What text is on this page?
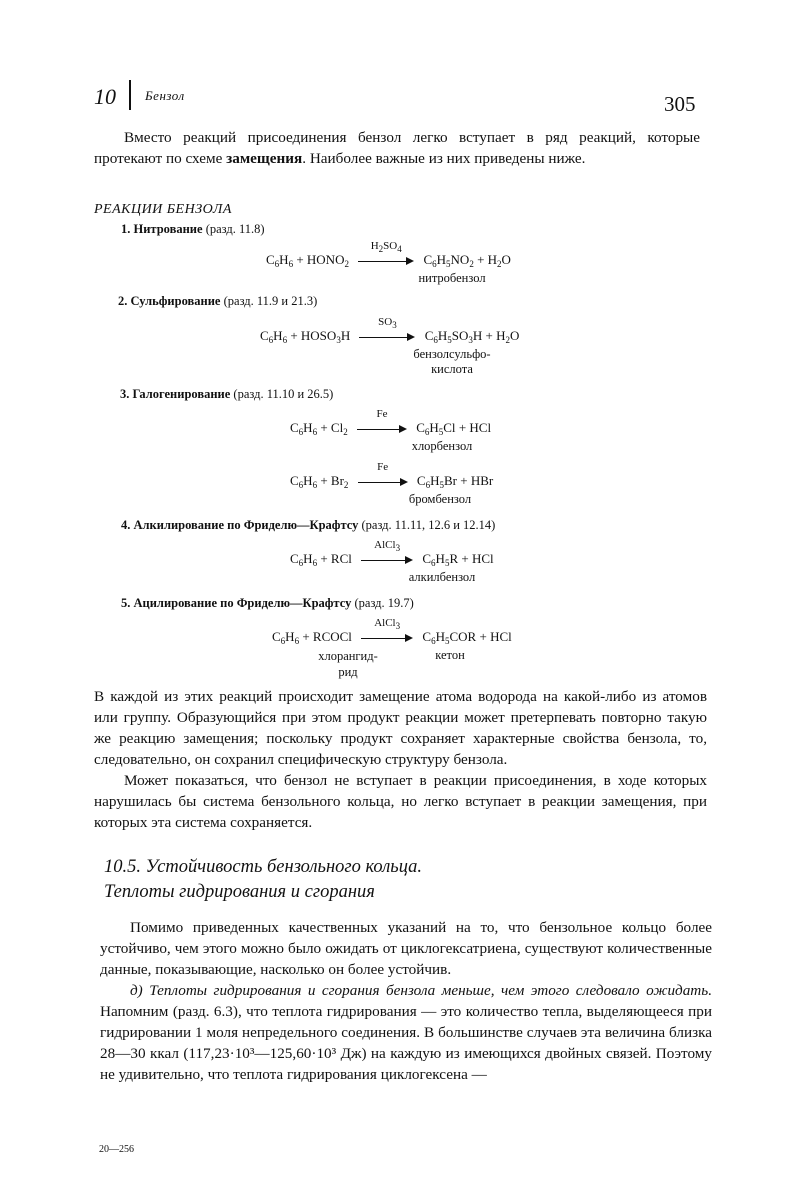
10 Бензол	305
Вместо реакций присоединения бензол легко вступает в ряд реакций, которые протекают по схеме замещения. Наиболее важные из них приведены ниже.
РЕАКЦИИ БЕНЗОЛА
1. Нитрование (разд. 11.8)
$C_6H_6$ + $HONO_2$
$H_2SO_4$
$C_6H_5NO_2 + H_2O$
нитробензол
2. Сульфирование (разд. 11.9 и 21.3)
$C_6H_6$ + $HOSO_3H$
$SO_3$
$C_6H_5SO_3H + H_2O$
бензолсульфо-
кислота
3. Галогенирование (разд. 11.10 и 26.5)
$C_6H_6 + Cl_2$
Fe
$C_6H_5Cl$ + HCl
хлорбензол
$C_6H_6 + Br_2$
Fe
$C_6H_5Br$ + HBr
бромбензол
4. Алкилирование по Фриделю—Крафтсу (разд. 11.11, 12.6 и 12.14)
$C_6H_6$ + RCl
AlCl$_3$
$C_6H_5R$ + HCl
алкилбензол
5. Ацилирование по Фриделю—Крафтсу (разд. 19.7)
$C_6H_6$ + RCOCl
AlCl$_3$
$C_6H_5COR$ + HCl
хлорангид-
рид
кетон

В каждой из этих реакций происходит замещение атома водорода на какой-либо из атомов или группу. Образующийся при этом продукт реакции может претерпевать повторно такую же реакцию замещения; поскольку продукт сохраняет характерные свойства бензола, то, следовательно, он сохранил специфическую структуру бензола.

Может показаться, что бензол не вступает в реакции присоединения, в ходе которых нарушилась бы система бензольного кольца, но легко вступает в реакции замещения, при которых эта система сохраняется.

10.5. Устойчивость бензольного кольца.
Теплоты гидрирования и сгорания

Помимо приведенных качественных указаний на то, что бензольное кольцо более устойчиво, чем этого можно было ожидать от циклогексатриена, существуют количественные данные, показывающие, насколько он более устойчив.

д) Теплоты гидрирования и сгорания бензола меньше, чем этого следовало ожидать. Напомним (разд. 6.3), что теплота гидрирования — это количество тепла, выделяющееся при гидрировании 1 моля непредельного соединения. В большинстве случаев эта величина близка 28—30 ккал (117,23·10³—125,60·10³ Дж) на каждую из имеющихся двойных связей. Поэтому не удивительно, что теплота гидрирования циклогексена —

20—256
